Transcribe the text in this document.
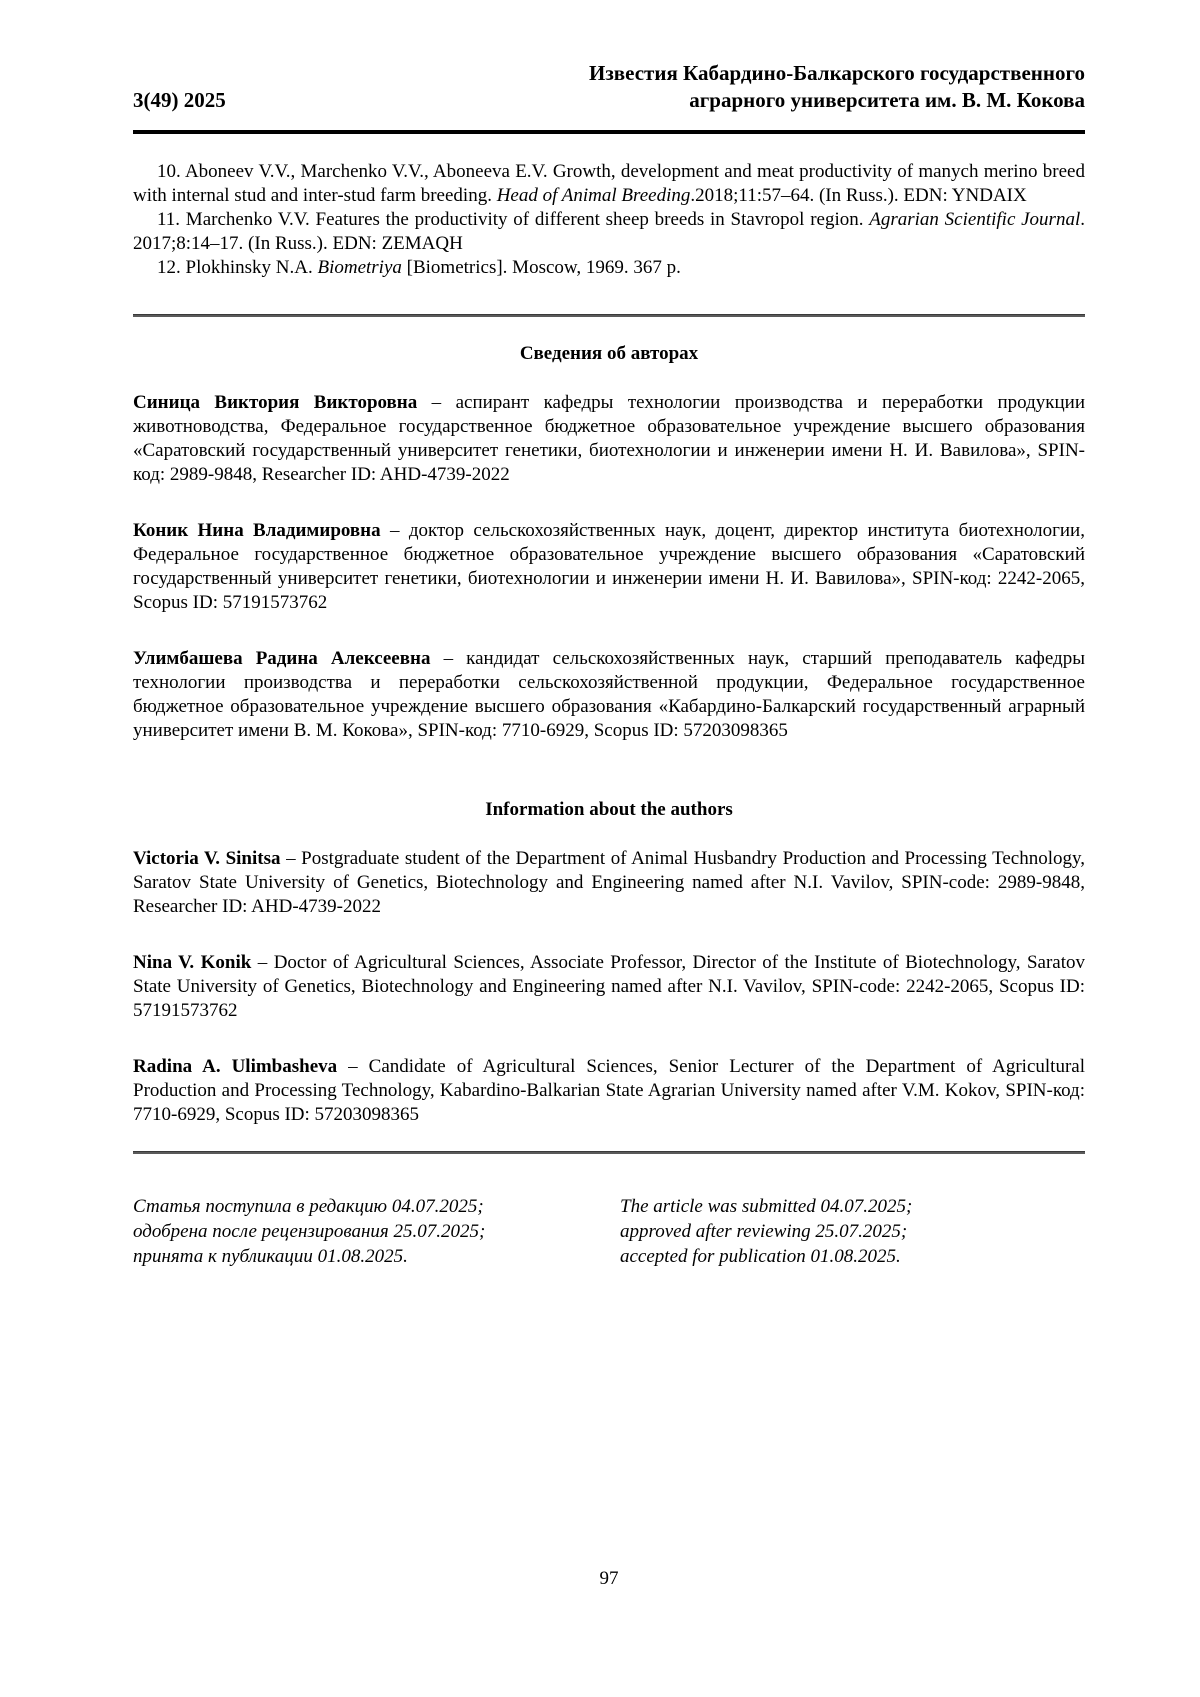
3(49) 2025
Известия Кабардино-Балкарского государственного
аграрного университета им. В. М. Кокова

10. Aboneev V.V., Marchenko V.V., Aboneeva E.V. Growth, development and meat productivity of manych merino breed with internal stud and inter-stud farm breeding. Head of Animal Breeding.2018;11:57–64. (In Russ.). EDN: YNDAIX

11. Marchenko V.V. Features the productivity of different sheep breeds in Stavropol region. Agrarian Scientific Journal. 2017;8:14–17. (In Russ.). EDN: ZEMAQH

12. Plokhinsky N.A. Biometriya [Biometrics]. Moscow, 1969. 367 p.

Сведения об авторах

Синица Виктория Викторовна – аспирант кафедры технологии производства и переработки продукции животноводства, Федеральное государственное бюджетное образовательное учреждение высшего образования «Саратовский государственный университет генетики, биотехнологии и инженерии имени Н. И. Вавилова», SPIN-код: 2989-9848, Researcher ID: AHD-4739-2022

Коник Нина Владимировна – доктор сельскохозяйственных наук, доцент, директор института биотехнологии, Федеральное государственное бюджетное образовательное учреждение высшего образования «Саратовский государственный университет генетики, биотехнологии и инженерии имени Н. И. Вавилова», SPIN-код: 2242-2065, Scopus ID: 57191573762

Улимбашева Радина Алексеевна – кандидат сельскохозяйственных наук, старший преподаватель кафедры технологии производства и переработки сельскохозяйственной продукции, Федеральное государственное бюджетное образовательное учреждение высшего образования «Кабардино-Балкарский государственный аграрный университет имени В. М. Кокова», SPIN-код: 7710-6929, Scopus ID: 57203098365

Information about the authors

Victoria V. Sinitsa – Postgraduate student of the Department of Animal Husbandry Production and Processing Technology, Saratov State University of Genetics, Biotechnology and Engineering named after N.I. Vavilov, SPIN-code: 2989-9848, Researcher ID: AHD-4739-2022

Nina V. Konik – Doctor of Agricultural Sciences, Associate Professor, Director of the Institute of Biotechnology, Saratov State University of Genetics, Biotechnology and Engineering named after N.I. Vavilov, SPIN-code: 2242-2065, Scopus ID: 57191573762

Radina A. Ulimbasheva – Candidate of Agricultural Sciences, Senior Lecturer of the Department of Agricultural Production and Processing Technology, Kabardino-Balkarian State Agrarian University named after V.M. Kokov, SPIN-код: 7710-6929, Scopus ID: 57203098365

Статья поступила в редакцию 04.07.2025;
одобрена после рецензирования 25.07.2025;
принята к публикации 01.08.2025.
The article was submitted 04.07.2025;
approved after reviewing 25.07.2025;
accepted for publication 01.08.2025.
97
